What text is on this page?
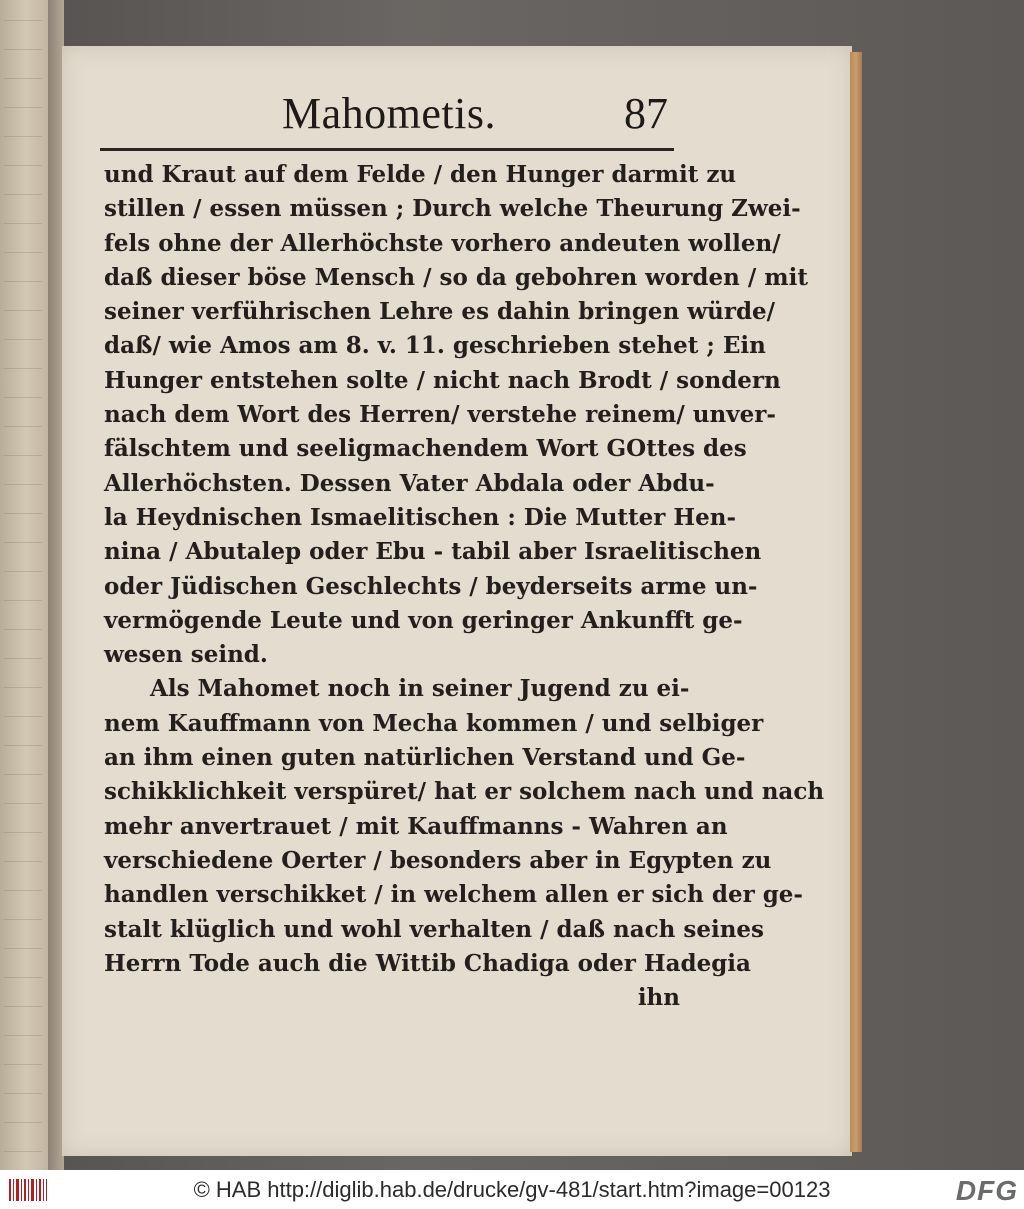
Mahometis.	87
und Kraut auf dem Felde / den Hunger darmit zu
stillen / essen müssen ; Durch welche Theurung Zwei-
fels ohne der Allerhöchste vorhero andeuten wollen/
daß dieser böse Mensch / so da gebohren worden / mit
seiner verführischen Lehre es dahin bringen würde/
daß/ wie Amos am 8. v. 11. geschrieben stehet ; Ein
Hunger entstehen solte / nicht nach Brodt / sondern
nach dem Wort des Herren/ verstehe reinem/ unver-
fälschtem und seeligmachendem Wort GOttes des
Allerhöchsten. Dessen Vater Abdala oder Abdu-
la Heydnischen Ismaelitischen : Die Mutter Hen-
nina / Abutalep oder Ebu - tabil aber Israelitischen
oder Jüdischen Geschlechts / beyderseits arme un-
vermögende Leute und von geringer Ankunfft ge-
wesen seind.
Als Mahomet noch in seiner Jugend zu ei-
nem Kauffmann von Mecha kommen / und selbiger
an ihm einen guten natürlichen Verstand und Ge-
schikklichkeit verspüret/ hat er solchem nach und nach
mehr anvertrauet / mit Kauffmanns - Wahren an
verschiedene Oerter / besonders aber in Egypten zu
handlen verschikket / in welchem allen er sich der ge-
stalt klüglich und wohl verhalten / daß nach seines
Herrn Tode auch die Wittib Chadiga oder Hadegia
ihn
© HAB http://diglib.hab.de/drucke/gv-481/start.htm?image=00123	DFG
